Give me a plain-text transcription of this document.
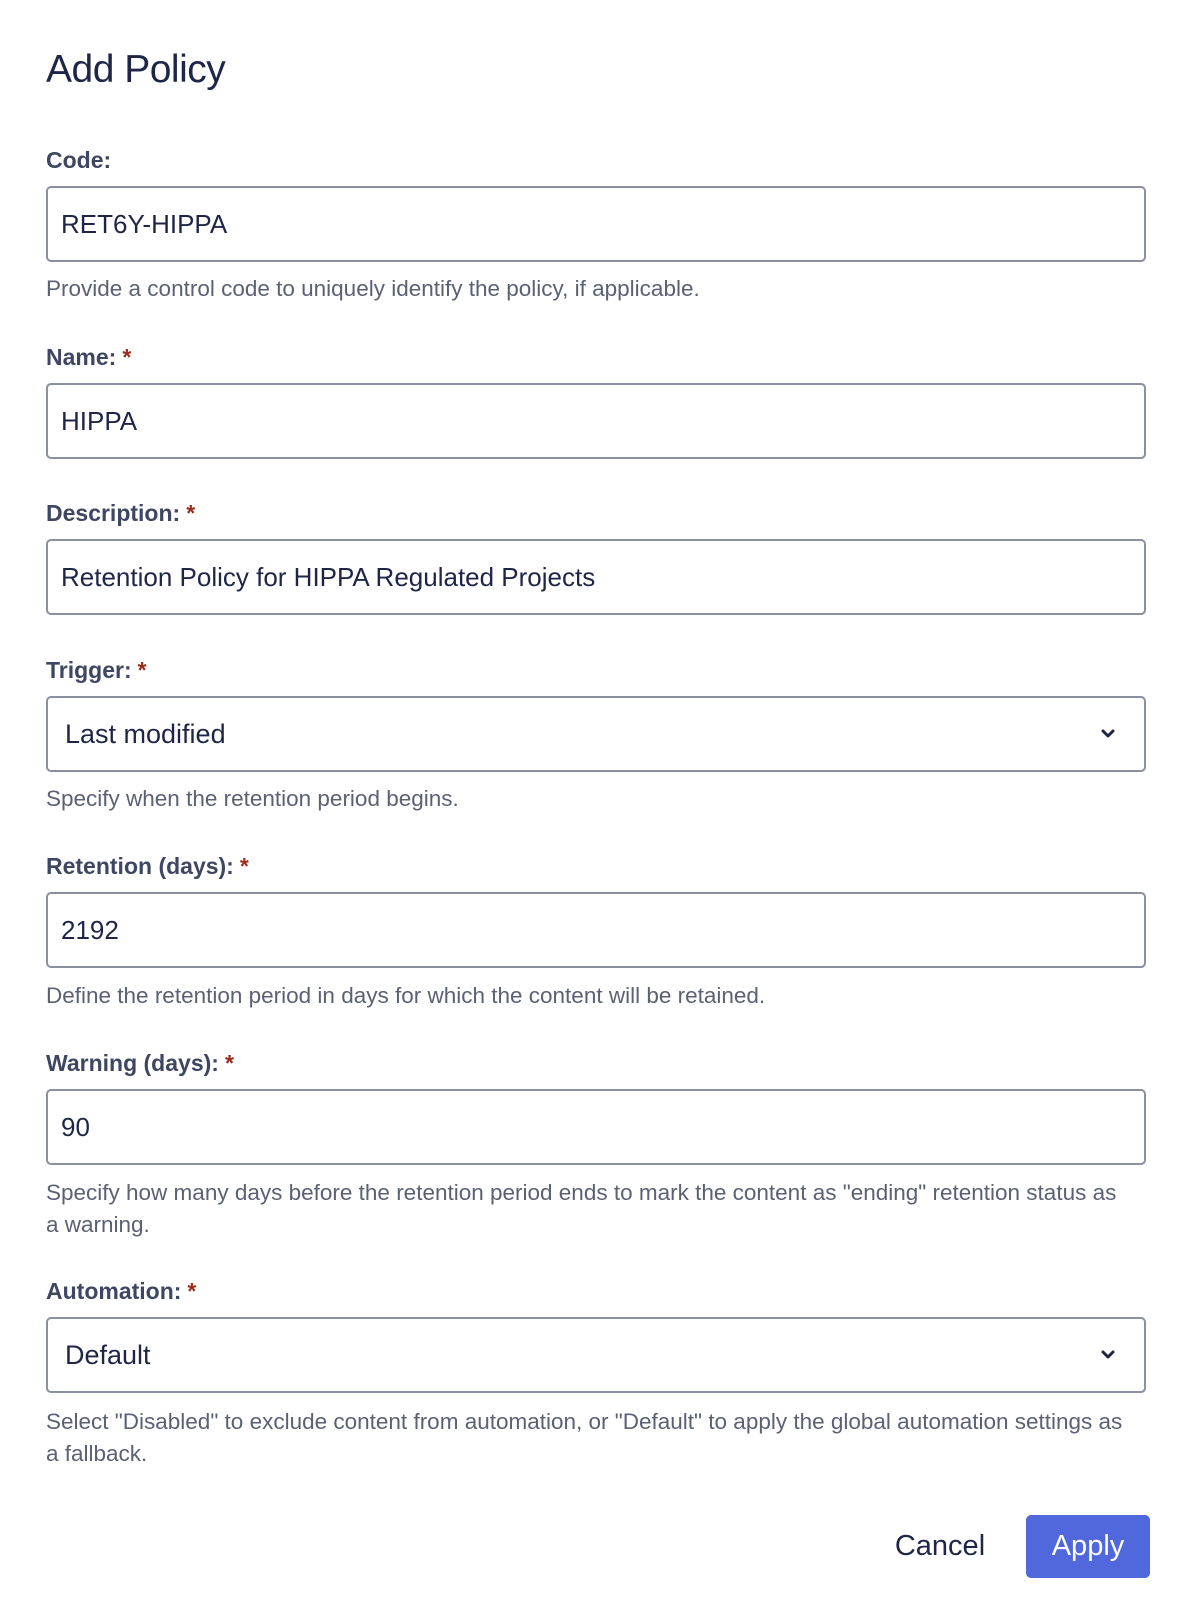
Add Policy
Code:
RET6Y-HIPPA
Provide a control code to uniquely identify the policy, if applicable.
Name: *
HIPPA
Description: *
Retention Policy for HIPPA Regulated Projects
Trigger: *
Last modified
Specify when the retention period begins.
Retention (days): *
2192
Define the retention period in days for which the content will be retained.
Warning (days): *
90
Specify how many days before the retention period ends to mark the content as "ending" retention status as a warning.
Automation: *
Default
Select "Disabled" to exclude content from automation, or "Default" to apply the global automation settings as a fallback.
Cancel	Apply
